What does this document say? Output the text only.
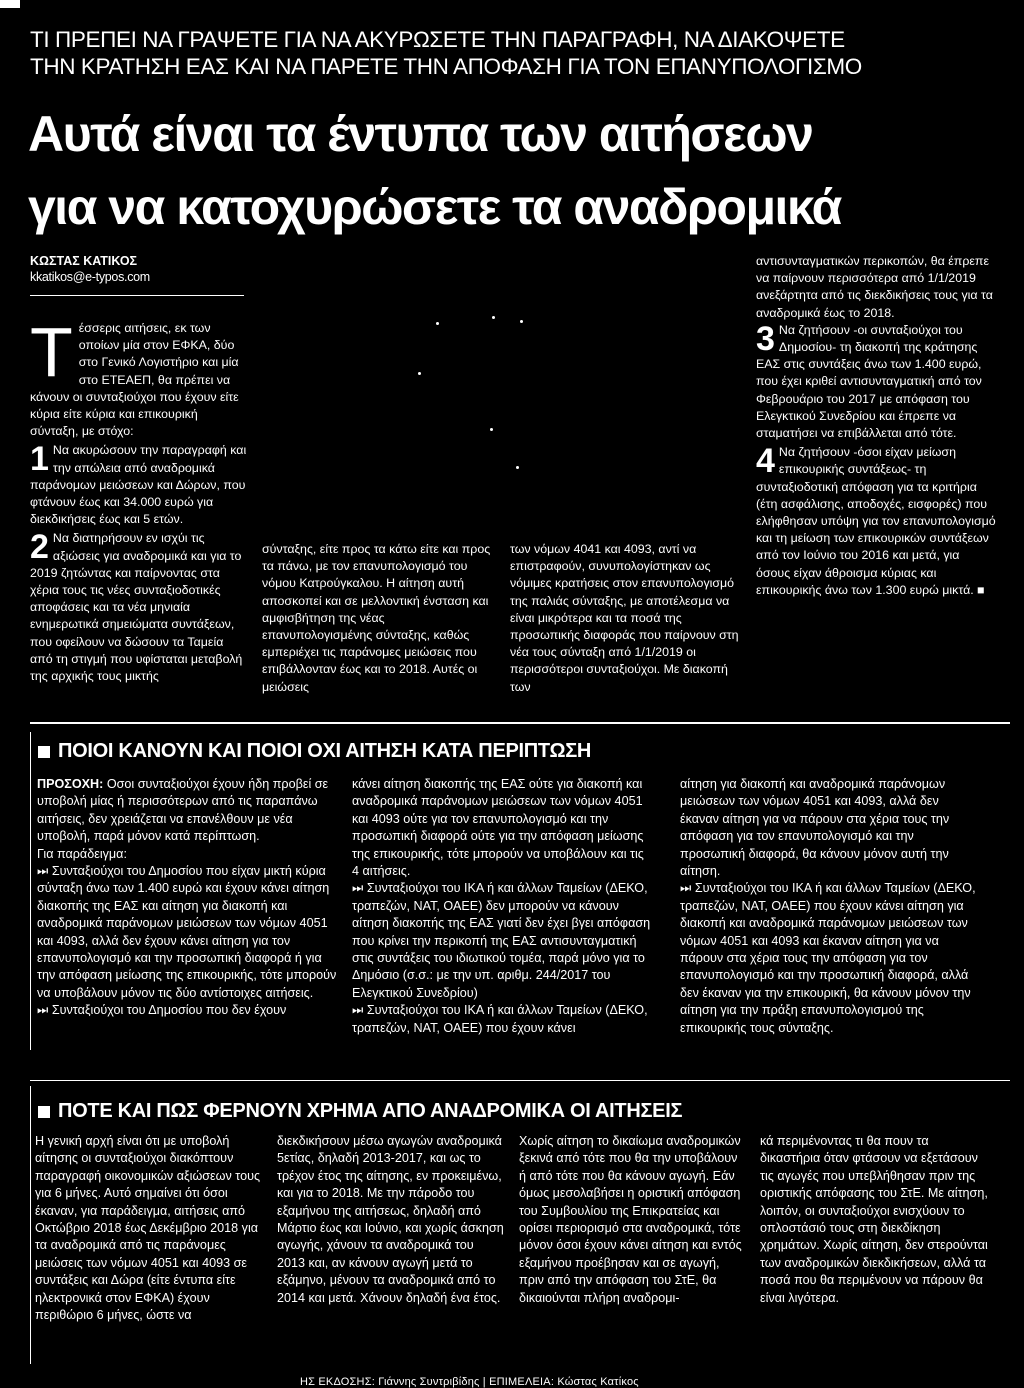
ΤΙ ΠΡΕΠΕΙ ΝΑ ΓΡΑΨΕΤΕ ΓΙΑ ΝΑ ΑΚΥΡΩΣΕΤΕ ΤΗΝ ΠΑΡΑΓΡΑΦΗ, ΝΑ ΔΙΑΚΟΨΕΤΕ
ΤΗΝ ΚΡΑΤΗΣΗ ΕΑΣ ΚΑΙ ΝΑ ΠΑΡΕΤΕ ΤΗΝ ΑΠΟΦΑΣΗ ΓΙΑ ΤΟΝ ΕΠΑΝΥΠΟΛΟΓΙΣΜΟ
Αυτά είναι τα έντυπα των αιτήσεων
για να κατοχυρώσετε τα αναδρομικά
ΚΩΣΤΑΣ ΚΑΤΙΚΟΣ
kkatikos@e-typos.com

Τέσσερις αιτήσεις, εκ των οποίων μία στον ΕΦΚΑ, δύο στο Γενικό Λογιστήριο και μία στο ΕΤΕΑΕΠ, θα πρέπει να κάνουν οι συνταξιούχοι που έχουν είτε κύρια είτε κύρια και επικουρική σύνταξη, με στόχο:

1 Να ακυρώσουν την παραγραφή και την απώλεια από αναδρομικά παράνομων μειώσεων και Δώρων, που φτάνουν έως και 34.000 ευρώ για διεκδικήσεις έως και 5 ετών.

2 Να διατηρήσουν εν ισχύι τις αξιώσεις για αναδρομικά και για το 2019 ζητώντας και παίρνοντας στα χέρια τους τις νέες συνταξιοδοτικές αποφάσεις και τα νέα μηνιαία ενημερωτικά σημειώματα συντάξεων, που οφείλουν να δώσουν τα Ταμεία από τη στιγμή που υφίσταται μεταβολή της αρχικής τους μικτής

σύνταξης, είτε προς τα κάτω είτε και προς τα πάνω, με τον επανυπολογισμό του νόμου Κατρούγκαλου. Η αίτηση αυτή αποσκοπεί και σε μελλοντική ένσταση και αμφισβήτηση της νέας επανυπολογισμένης σύνταξης, καθώς εμπεριέχει τις παράνομες μειώσεις που επιβάλλονταν έως και το 2018. Αυτές οι μειώσεις
των νόμων 4041 και 4093, αντί να επιστραφούν, συνυπολογίστηκαν ως νόμιμες κρατήσεις στον επανυπολογισμό της παλιάς σύνταξης, με αποτέλεσμα να είναι μικρότερα και τα ποσά της προσωπικής διαφοράς που παίρνουν στη νέα τους σύνταξη από 1/1/2019 οι περισσότεροι συνταξιούχοι. Με διακοπή των

αντισυνταγματικών περικοπών, θα έπρεπε να παίρνουν περισσότερα από 1/1/2019 ανεξάρτητα από τις διεκδικήσεις τους για τα αναδρομικά έως το 2018.

3 Να ζητήσουν -οι συνταξιούχοι του Δημοσίου- τη διακοπή της κράτησης ΕΑΣ στις συντάξεις άνω των 1.400 ευρώ, που έχει κριθεί αντισυνταγματική από τον Φεβρουάριο του 2017 με απόφαση του Ελεγκτικού Συνεδρίου και έπρεπε να σταματήσει να επιβάλλεται από τότε.

4 Να ζητήσουν -όσοι είχαν μείωση επικουρικής συντάξεως- τη συνταξιοδοτική απόφαση για τα κριτήρια (έτη ασφάλισης, αποδοχές, εισφορές) που ελήφθησαν υπόψη για τον επανυπολογισμό και τη μείωση των επικουρικών συντάξεων από τον Ιούνιο του 2016 και μετά, για όσους είχαν άθροισμα κύριας και επικουρικής άνω των 1.300 ευρώ μικτά. ■

ΠΟΙΟΙ ΚΑΝΟΥΝ ΚΑΙ ΠΟΙΟΙ ΟΧΙ ΑΙΤΗΣΗ ΚΑΤΑ ΠΕΡΙΠΤΩΣΗ

ΠΡΟΣΟΧΗ: Οσοι συνταξιούχοι έχουν ήδη προβεί σε υποβολή μίας ή περισσότερων από τις παραπάνω αιτήσεις, δεν χρειάζεται να επανέλθουν με νέα υποβολή, παρά μόνον κατά περίπτωση.

Για παράδειγμα:

⏭ Συνταξιούχοι του Δημοσίου που είχαν μικτή κύρια σύνταξη άνω των 1.400 ευρώ και έχουν κάνει αίτηση διακοπής της ΕΑΣ και αίτηση για διακοπή και αναδρομικά παράνομων μειώσεων των νόμων 4051 και 4093, αλλά δεν έχουν κάνει αίτηση για τον επανυπολογισμό και την προσωπική διαφορά ή για την απόφαση μείωσης της επικουρικής, τότε μπορούν να υποβάλουν μόνον τις δύο αντίστοιχες αιτήσεις.

⏭ Συνταξιούχοι του Δημοσίου που δεν έχουν

κάνει αίτηση διακοπής της ΕΑΣ ούτε για διακοπή και αναδρομικά παράνομων μειώσεων των νόμων 4051 και 4093 ούτε για τον επανυπολογισμό και την προσωπική διαφορά ούτε για την απόφαση μείωσης της επικουρικής, τότε μπορούν να υποβάλουν και τις 4 αιτήσεις.

⏭ Συνταξιούχοι του ΙΚΑ ή και άλλων Ταμείων (ΔΕΚΟ, τραπεζών, ΝΑΤ, ΟΑΕΕ) δεν μπορούν να κάνουν αίτηση διακοπής της ΕΑΣ γιατί δεν έχει βγει απόφαση που κρίνει την περικοπή της ΕΑΣ αντισυνταγματική στις συντάξεις του ιδιωτικού τομέα, παρά μόνο για το Δημόσιο (σ.σ.: με την υπ. αριθμ. 244/2017 του Ελεγκτικού Συνεδρίου)

⏭ Συνταξιούχοι του ΙΚΑ ή και άλλων Ταμείων (ΔΕΚΟ, τραπεζών, ΝΑΤ, ΟΑΕΕ) που έχουν κάνει

αίτηση για διακοπή και αναδρομικά παράνομων μειώσεων των νόμων 4051 και 4093, αλλά δεν έκαναν αίτηση για να πάρουν στα χέρια τους την απόφαση για τον επανυπολογισμό και την προσωπική διαφορά, θα κάνουν μόνον αυτή την αίτηση.

⏭ Συνταξιούχοι του ΙΚΑ ή και άλλων Ταμείων (ΔΕΚΟ, τραπεζών, ΝΑΤ, ΟΑΕΕ) που έχουν κάνει αίτηση για διακοπή και αναδρομικά παράνομων μειώσεων των νόμων 4051 και 4093 και έκαναν αίτηση για να πάρουν στα χέρια τους την απόφαση για τον επανυπολογισμό και την προσωπική διαφορά, αλλά δεν έκαναν για την επικουρική, θα κάνουν μόνον την αίτηση για την πράξη επανυπολογισμού της επικουρικής τους σύνταξης.

ΠΟΤΕ ΚΑΙ ΠΩΣ ΦΕΡΝΟΥΝ ΧΡΗΜΑ ΑΠΟ ΑΝΑΔΡΟΜΙΚΑ ΟΙ ΑΙΤΗΣΕΙΣ
Η γενική αρχή είναι ότι με υποβολή αίτησης οι συνταξιούχοι διακόπτουν παραγραφή οικονομικών αξιώσεων τους για 6 μήνες. Αυτό σημαίνει ότι όσοι έκαναν, για παράδειγμα, αιτήσεις από Οκτώβριο 2018 έως Δεκέμβριο 2018 για τα αναδρομικά από τις παράνομες μειώσεις των νόμων 4051 και 4093 σε συντάξεις και Δώρα (είτε έντυπα είτε ηλεκτρονικά στον ΕΦΚΑ) έχουν περιθώριο 6 μήνες, ώστε να
διεκδικήσουν μέσω αγωγών αναδρομικά 5ετίας, δηλαδή 2013-2017, και ως το τρέχον έτος της αίτησης, εν προκειμένω, και για το 2018. Με την πάροδο του εξαμήνου της αιτήσεως, δηλαδή από Μάρτιο έως και Ιούνιο, και χωρίς άσκηση αγωγής, χάνουν τα αναδρομικά του 2013 και, αν κάνουν αγωγή μετά το εξάμηνο, μένουν τα αναδρομικά από το 2014 και μετά. Χάνουν δηλαδή ένα έτος.
Χωρίς αίτηση το δικαίωμα αναδρομικών ξεκινά από τότε που θα την υποβάλουν ή από τότε που θα κάνουν αγωγή. Εάν όμως μεσολαβήσει η οριστική απόφαση του Συμβουλίου της Επικρατείας και ορίσει περιορισμό στα αναδρομικά, τότε μόνον όσοι έχουν κάνει αίτηση και εντός εξαμήνου προέβησαν και σε αγωγή, πριν από την απόφαση του ΣτΕ, θα δικαιούνται πλήρη αναδρομι-
κά περιμένοντας τι θα πουν τα δικαστήρια όταν φτάσουν να εξετάσουν τις αγωγές που υπεβλήθησαν πριν της οριστικής απόφασης του ΣτΕ. Με αίτηση, λοιπόν, οι συνταξιούχοι ενισχύουν το οπλοστάσιό τους στη διεκδίκηση χρημάτων. Χωρίς αίτηση, δεν στερούνται των αναδρομικών διεκδικήσεων, αλλά τα ποσά που θα περιμένουν να πάρουν θα είναι λιγότερα.
ΗΣ ΕΚΔΟΣΗΣ: Γιάννης Συντριβίδης | ΕΠΙΜΕΛΕΙΑ: Κώστας Κατίκος
